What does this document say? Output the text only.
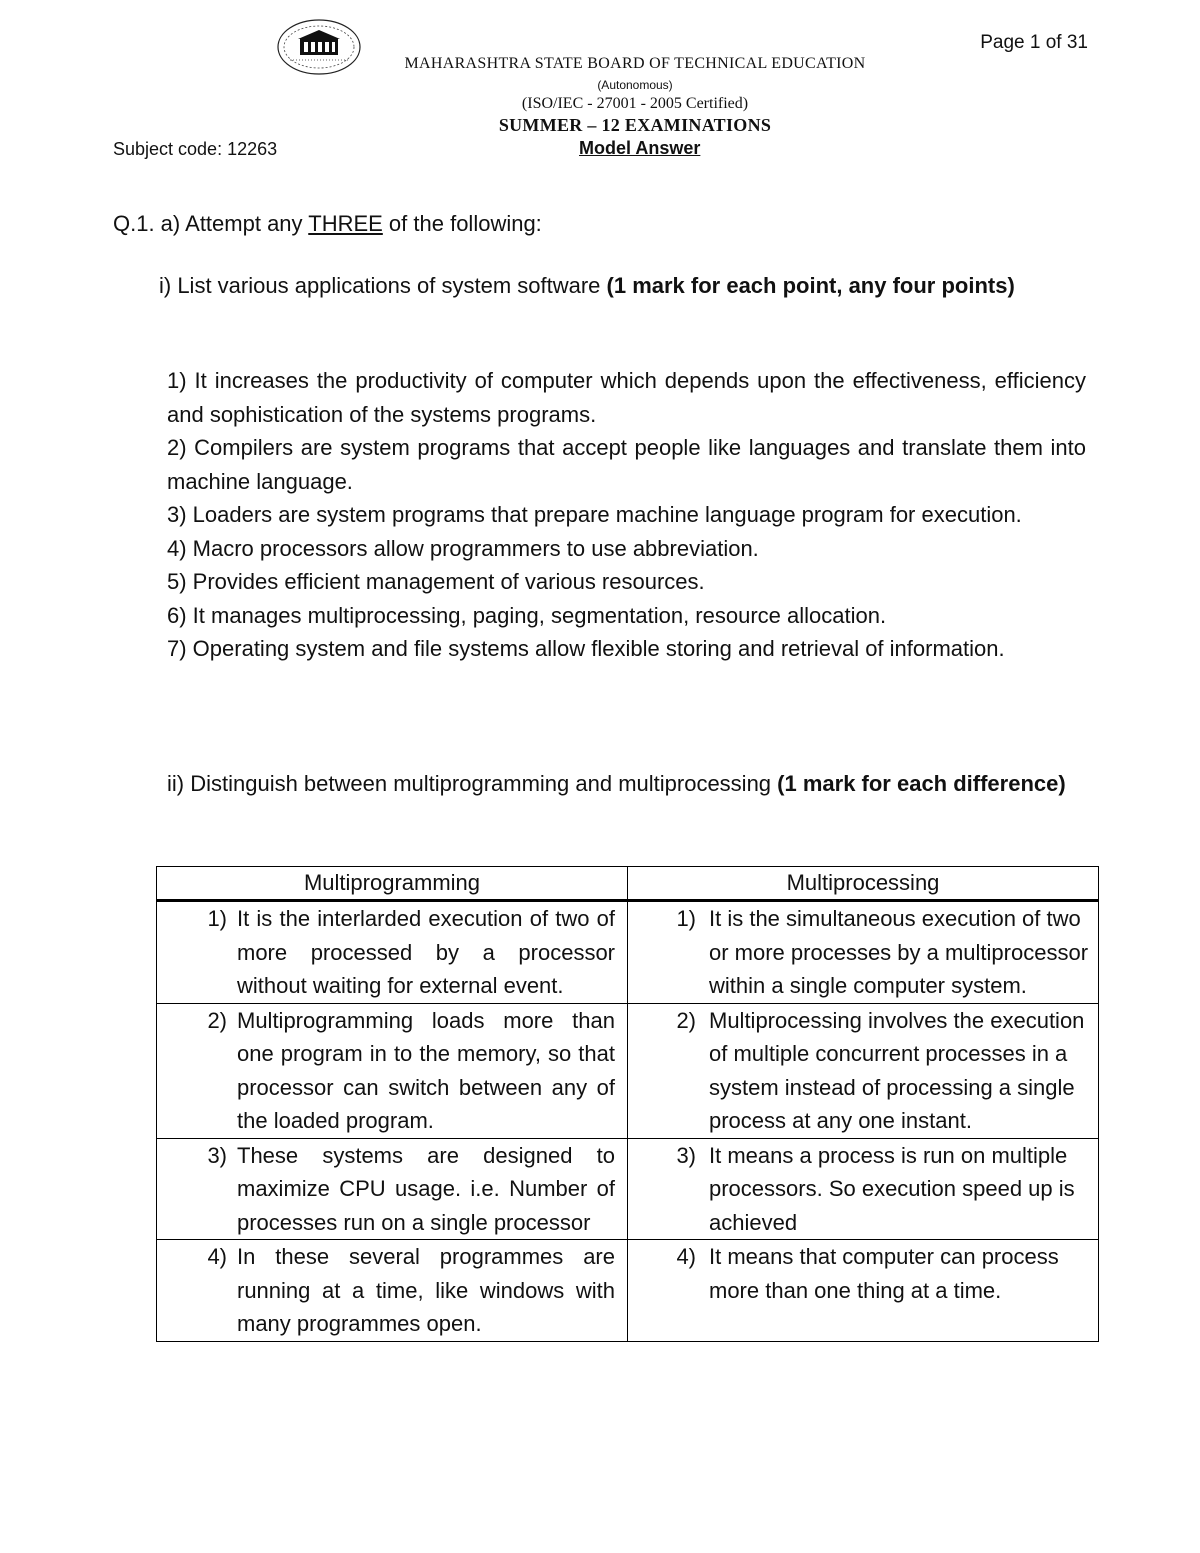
Page 1 of 31
MAHARASHTRA STATE BOARD OF TECHNICAL EDUCATION
(Autonomous)
(ISO/IEC - 27001 - 2005 Certified)
SUMMER – 12 EXAMINATIONS
Subject code: 12263	Model Answer
Q.1. a) Attempt any THREE of the following:
i) List various applications of system software (1 mark for each point, any four points)
1) It increases the productivity of computer which depends upon the effectiveness, efficiency and sophistication of the systems programs.
2) Compilers are system programs that accept people like languages and translate them into machine language.
3) Loaders are system programs that prepare machine language program for execution.
4) Macro processors allow programmers to use abbreviation.
5) Provides efficient management of various resources.
6) It manages multiprocessing, paging, segmentation, resource allocation.
7) Operating system and file systems allow flexible storing and retrieval of information.
ii) Distinguish between multiprogramming and multiprocessing (1 mark for each difference)
Multiprogramming	Multiprocessing

1) It is the interlarded execution of two of more processed by a processor without waiting for external event.	1) It is the simultaneous execution of two or more processes by a multiprocessor within a single computer system.

2) Multiprogramming loads more than one program in to the memory, so that processor can switch between any of the loaded program.	2) Multiprocessing involves the execution of multiple concurrent processes in a system instead of processing a single process at any one instant.

3) These systems are designed to maximize CPU usage. i.e. Number of processes run on a single processor	3) It means a process is run on multiple processors. So execution speed up is achieved

4) In these several programmes are running at a time, like windows with many programmes open.	4) It means that computer can process more than one thing at a time.
